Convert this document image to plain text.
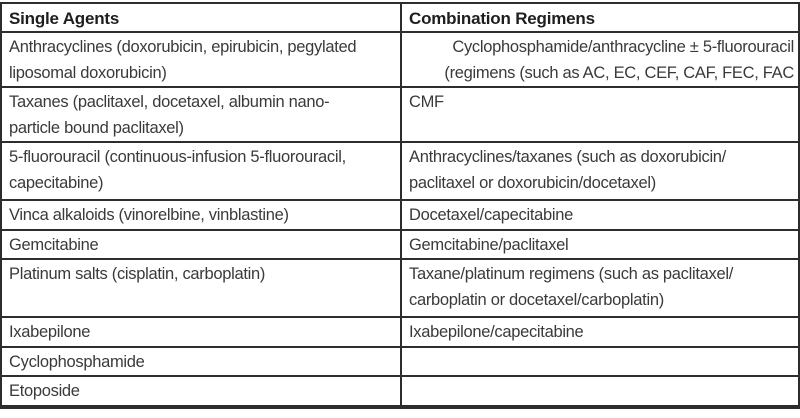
Single Agents	Combination Regimens

Anthracyclines (doxorubicin, epirubicin, pegylated
liposomal doxorubicin)	Cyclophosphamide/anthracycline ± 5-fluorouracil
(regimens (such as AC, EC, CEF, CAF, FEC, FAC

Taxanes (paclitaxel, docetaxel, albumin nano-
particle bound paclitaxel)	CMF

5-fluorouracil (continuous-infusion 5-fluorouracil,
capecitabine)	Anthracyclines/taxanes (such as doxorubicin/
paclitaxel or doxorubicin/docetaxel)

Vinca alkaloids (vinorelbine, vinblastine)	Docetaxel/capecitabine

Gemcitabine	Gemcitabine/paclitaxel

Platinum salts (cisplatin, carboplatin)	Taxane/platinum regimens (such as paclitaxel/
carboplatin or docetaxel/carboplatin)

Ixabepilone	Ixabepilone/capecitabine

Cyclophosphamide	

Etoposide	
